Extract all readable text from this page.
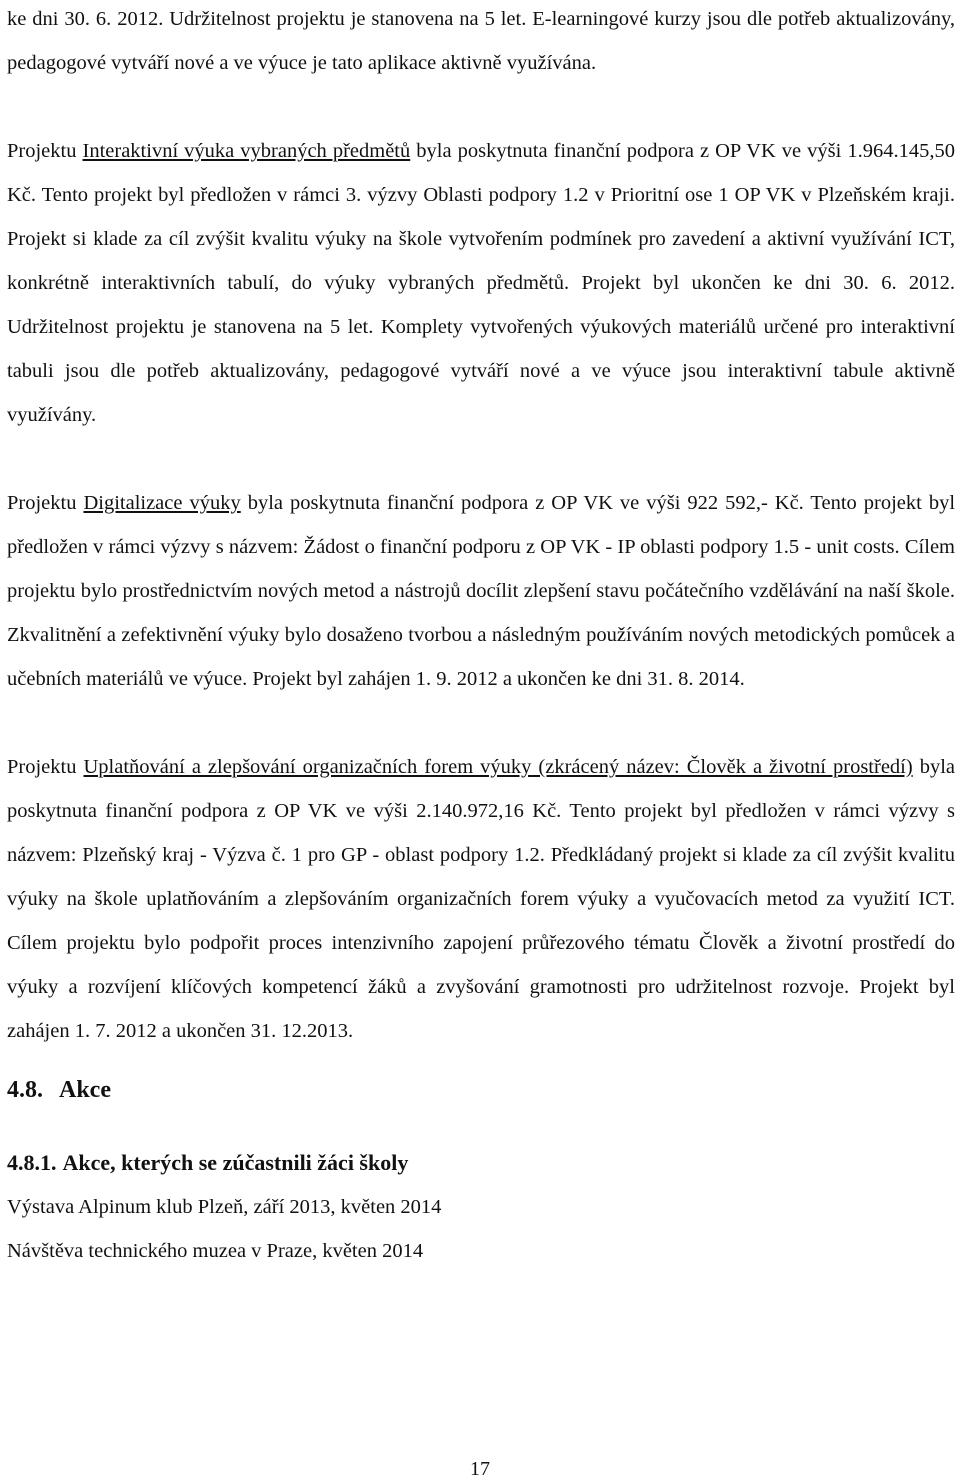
ke dni 30. 6. 2012. Udržitelnost projektu je stanovena na 5 let. E-learningové kurzy jsou dle potřeb aktualizovány, pedagogové vytváří nové a ve výuce je tato aplikace aktivně využívána.

Projektu Interaktivní výuka vybraných předmětů byla poskytnuta finanční podpora z OP VK ve výši 1.964.145,50 Kč. Tento projekt byl předložen v rámci 3. výzvy Oblasti podpory 1.2 v Prioritní ose 1 OP VK v Plzeňském kraji. Projekt si klade za cíl zvýšit kvalitu výuky na škole vytvořením podmínek pro zavedení a aktivní využívání ICT, konkrétně interaktivních tabulí, do výuky vybraných předmětů. Projekt byl ukončen ke dni 30. 6. 2012. Udržitelnost projektu je stanovena na 5 let. Komplety vytvořených výukových materiálů určené pro interaktivní tabuli jsou dle potřeb aktualizovány, pedagogové vytváří nové a ve výuce jsou interaktivní tabule aktivně využívány.

Projektu Digitalizace výuky byla poskytnuta finanční podpora z OP VK ve výši 922 592,- Kč. Tento projekt byl předložen v rámci výzvy s názvem: Žádost o finanční podporu z OP VK - IP oblasti podpory 1.5 - unit costs. Cílem projektu bylo prostřednictvím nových metod a nástrojů docílit zlepšení stavu počátečního vzdělávání na naší škole. Zkvalitnění a zefektivnění výuky bylo dosaženo tvorbou a následným používáním nových metodických pomůcek a učebních materiálů ve výuce. Projekt byl zahájen 1. 9. 2012 a ukončen ke dni 31. 8. 2014.

Projektu Uplatňování a zlepšování organizačních forem výuky (zkrácený název: Člověk a životní prostředí) byla poskytnuta finanční podpora z OP VK ve výši 2.140.972,16 Kč. Tento projekt byl předložen v rámci výzvy s názvem: Plzeňský kraj - Výzva č. 1 pro GP - oblast podpory 1.2. Předkládaný projekt si klade za cíl zvýšit kvalitu výuky na škole uplatňováním a zlepšováním organizačních forem výuky a vyučovacích metod za využití ICT. Cílem projektu bylo podpořit proces intenzivního zapojení průřezového tématu Člověk a životní prostředí do výuky a rozvíjení klíčových kompetencí žáků a zvyšování gramotnosti pro udržitelnost rozvoje. Projekt byl zahájen 1. 7. 2012 a ukončen 31. 12.2013.

4.8. Akce
4.8.1. Akce, kterých se zúčastnili žáci školy

Výstava Alpinum klub Plzeň, září 2013, květen 2014

Návštěva technického muzea v Praze, květen 2014

17
